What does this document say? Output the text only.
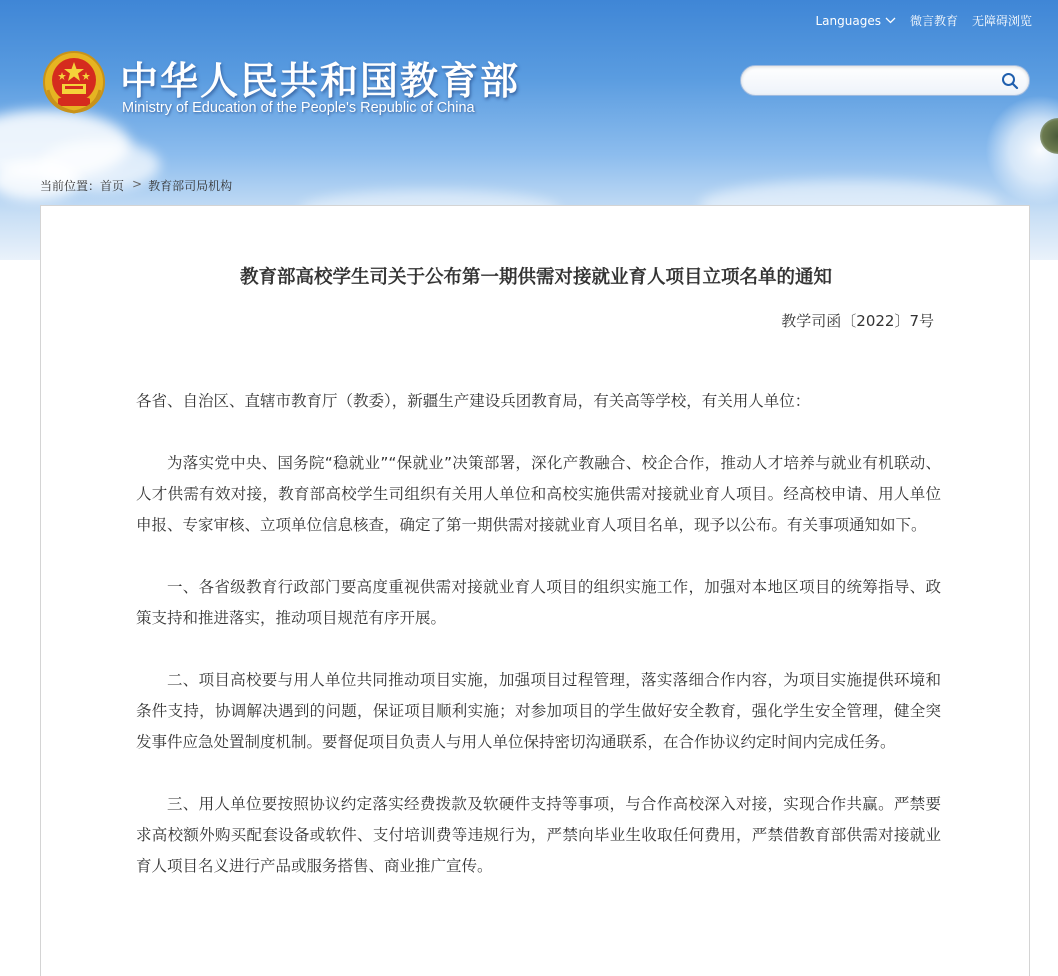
中华人民共和国教育部
Ministry of Education of the People's Republic of China
Languages 微言教育 无障碍浏览
当前位置： 首页 > 教育部司局机构
教育部高校学生司关于公布第一期供需对接就业育人项目立项名单的通知
教学司函〔2022〕7号

各省、自治区、直辖市教育厅（教委），新疆生产建设兵团教育局，有关高等学校，有关用人单位：

为落实党中央、国务院“稳就业”“保就业”决策部署，深化产教融合、校企合作，推动人才培养与就业有机联动、人才供需有效对接，教育部高校学生司组织有关用人单位和高校实施供需对接就业育人项目。经高校申请、用人单位申报、专家审核、立项单位信息核查，确定了第一期供需对接就业育人项目名单，现予以公布。有关事项通知如下。

一、各省级教育行政部门要高度重视供需对接就业育人项目的组织实施工作，加强对本地区项目的统筹指导、政策支持和推进落实，推动项目规范有序开展。

二、项目高校要与用人单位共同推动项目实施，加强项目过程管理，落实落细合作内容，为项目实施提供环境和条件支持，协调解决遇到的问题，保证项目顺利实施；对参加项目的学生做好安全教育，强化学生安全管理，健全突发事件应急处置制度机制。要督促项目负责人与用人单位保持密切沟通联系，在合作协议约定时间内完成任务。

三、用人单位要按照协议约定落实经费拨款及软硬件支持等事项，与合作高校深入对接，实现合作共赢。严禁要求高校额外购买配套设备或软件、支付培训费等违规行为，严禁向毕业生收取任何费用，严禁借教育部供需对接就业育人项目名义进行产品或服务搭售、商业推广宣传。
